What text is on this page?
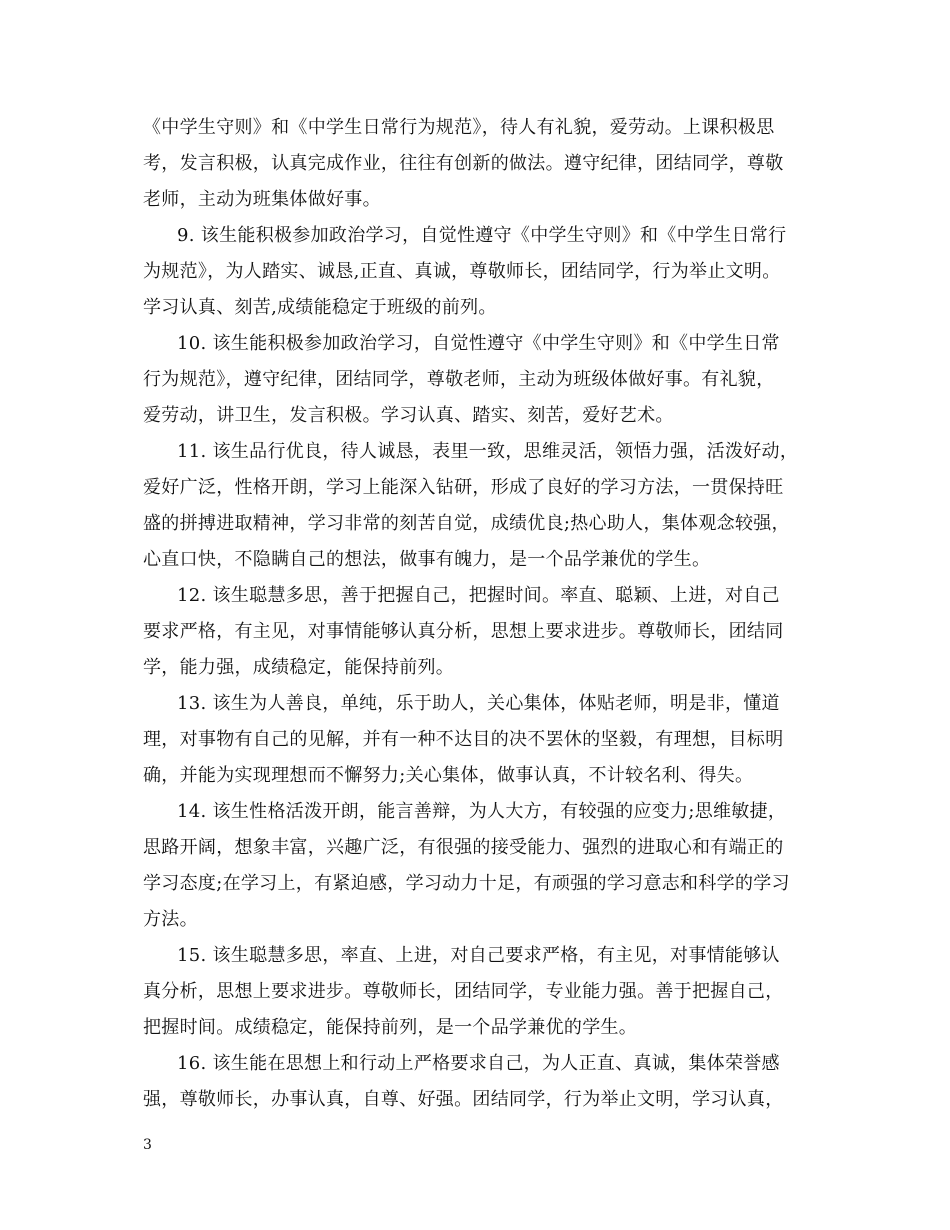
《中学生守则》和《中学生日常行为规范》，待人有礼貌，爱劳动。上课积极思
考，发言积极，认真完成作业，往往有创新的做法。遵守纪律，团结同学，尊敬
老师，主动为班集体做好事。
9. 该生能积极参加政治学习，自觉性遵守《中学生守则》和《中学生日常行
为规范》，为人踏实、诚恳,正直、真诚，尊敬师长，团结同学，行为举止文明。
学习认真、刻苦,成绩能稳定于班级的前列。
10. 该生能积极参加政治学习，自觉性遵守《中学生守则》和《中学生日常
行为规范》，遵守纪律，团结同学，尊敬老师，主动为班级体做好事。有礼貌，
爱劳动，讲卫生，发言积极。学习认真、踏实、刻苦，爱好艺术。
11. 该生品行优良，待人诚恳，表里一致，思维灵活，领悟力强，活泼好动，
爱好广泛，性格开朗，学习上能深入钻研，形成了良好的学习方法，一贯保持旺
盛的拼搏进取精神，学习非常的刻苦自觉，成绩优良;热心助人，集体观念较强，
心直口快，不隐瞒自己的想法，做事有魄力，是一个品学兼优的学生。
12. 该生聪慧多思，善于把握自己，把握时间。率直、聪颖、上进，对自己
要求严格，有主见，对事情能够认真分析，思想上要求进步。尊敬师长，团结同
学，能力强，成绩稳定，能保持前列。
13. 该生为人善良，单纯，乐于助人，关心集体，体贴老师，明是非，懂道
理，对事物有自己的见解，并有一种不达目的决不罢休的坚毅，有理想，目标明
确，并能为实现理想而不懈努力;关心集体，做事认真，不计较名利、得失。
14. 该生性格活泼开朗，能言善辩，为人大方，有较强的应变力;思维敏捷，
思路开阔，想象丰富，兴趣广泛，有很强的接受能力、强烈的进取心和有端正的
学习态度;在学习上，有紧迫感，学习动力十足，有顽强的学习意志和科学的学习
方法。
15. 该生聪慧多思，率直、上进，对自己要求严格，有主见，对事情能够认
真分析，思想上要求进步。尊敬师长，团结同学，专业能力强。善于把握自己，
把握时间。成绩稳定，能保持前列，是一个品学兼优的学生。
16. 该生能在思想上和行动上严格要求自己，为人正直、真诚，集体荣誉感
强，尊敬师长，办事认真，自尊、好强。团结同学，行为举止文明，学习认真，
3
